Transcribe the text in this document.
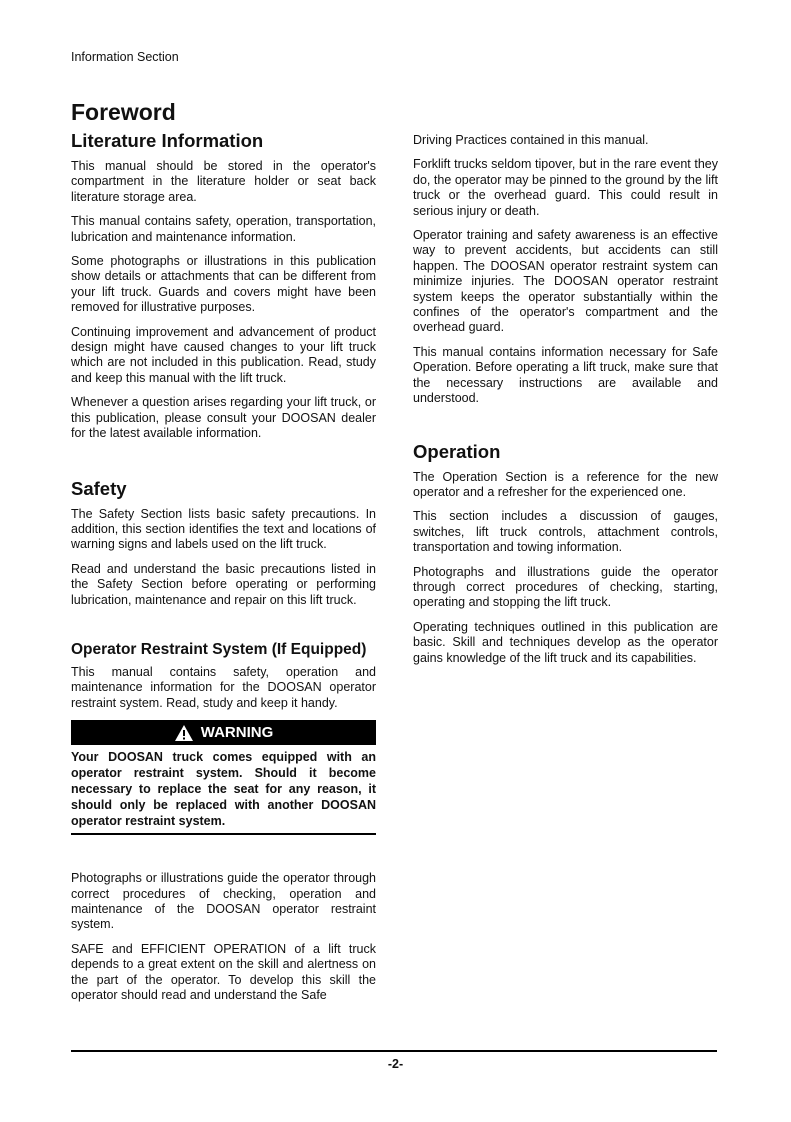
Information Section
Foreword
Literature Information

This manual should be stored in the operator's compartment in the literature holder or seat back literature storage area.

This manual contains safety, operation, transportation, lubrication and maintenance information.

Some photographs or illustrations in this publication show details or attachments that can be different from your lift truck. Guards and covers might have been removed for illustrative purposes.

Continuing improvement and advancement of product design might have caused changes to your lift truck which are not included in this publication. Read, study and keep this manual with the lift truck.

Whenever a question arises regarding your lift truck, or this publication, please consult your DOOSAN dealer for the latest available information.

Safety

The Safety Section lists basic safety precautions. In addition, this section identifies the text and locations of warning signs and labels used on the lift truck.

Read and understand the basic precautions listed in the Safety Section before operating or performing lubrication, maintenance and repair on this lift truck.

Operator Restraint System (If Equipped)

This manual contains safety, operation and maintenance information for the DOOSAN operator restraint system. Read, study and keep it handy.

WARNING
Your DOOSAN truck comes equipped with an operator restraint system. Should it become necessary to replace the seat for any reason, it should only be replaced with another DOOSAN operator restraint system.

Photographs or illustrations guide the operator through correct procedures of checking, operation and maintenance of the DOOSAN operator restraint system.

SAFE and EFFICIENT OPERATION of a lift truck depends to a great extent on the skill and alertness on the part of the operator. To develop this skill the operator should read and understand the Safe

Driving Practices contained in this manual.

Forklift trucks seldom tipover, but in the rare event they do, the operator may be pinned to the ground by the lift truck or the overhead guard. This could result in serious injury or death.

Operator training and safety awareness is an effective way to prevent accidents, but accidents can still happen. The DOOSAN operator restraint system can minimize injuries. The DOOSAN operator restraint system keeps the operator substantially within the confines of the operator's compartment and the overhead guard.

This manual contains information necessary for Safe Operation. Before operating a lift truck, make sure that the necessary instructions are available and understood.

Operation

The Operation Section is a reference for the new operator and a refresher for the experienced one.

This section includes a discussion of gauges, switches, lift truck controls, attachment controls, transportation and towing information.

Photographs and illustrations guide the operator through correct procedures of checking, starting, operating and stopping the lift truck.

Operating techniques outlined in this publication are basic. Skill and techniques develop as the operator gains knowledge of the lift truck and its capabilities.

-2-
